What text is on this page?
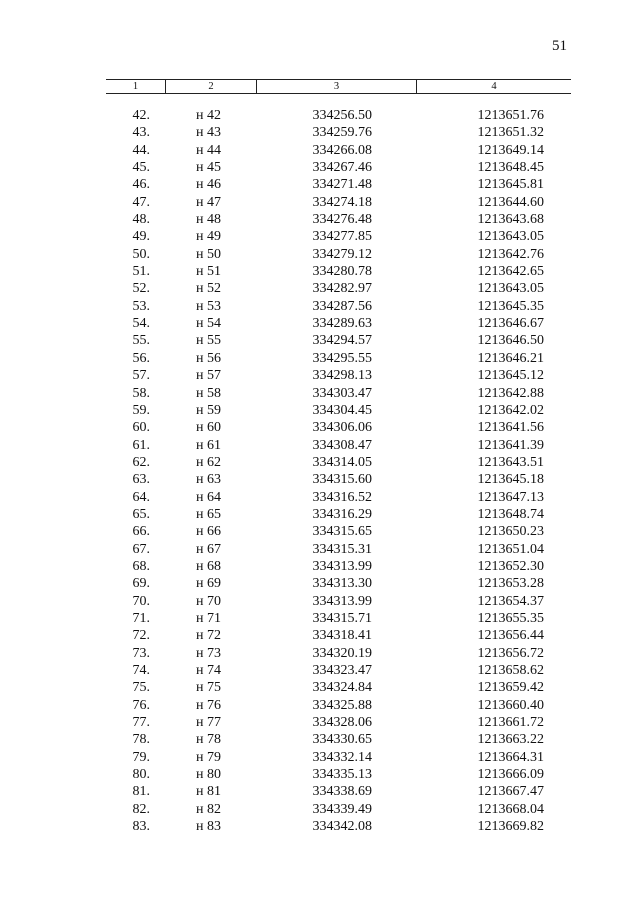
51
1	2	3	4
42.	н 42	334256.50	1213651.76
43.	н 43	334259.76	1213651.32
44.	н 44	334266.08	1213649.14
45.	н 45	334267.46	1213648.45
46.	н 46	334271.48	1213645.81
47.	н 47	334274.18	1213644.60
48.	н 48	334276.48	1213643.68
49.	н 49	334277.85	1213643.05
50.	н 50	334279.12	1213642.76
51.	н 51	334280.78	1213642.65
52.	н 52	334282.97	1213643.05
53.	н 53	334287.56	1213645.35
54.	н 54	334289.63	1213646.67
55.	н 55	334294.57	1213646.50
56.	н 56	334295.55	1213646.21
57.	н 57	334298.13	1213645.12
58.	н 58	334303.47	1213642.88
59.	н 59	334304.45	1213642.02
60.	н 60	334306.06	1213641.56
61.	н 61	334308.47	1213641.39
62.	н 62	334314.05	1213643.51
63.	н 63	334315.60	1213645.18
64.	н 64	334316.52	1213647.13
65.	н 65	334316.29	1213648.74
66.	н 66	334315.65	1213650.23
67.	н 67	334315.31	1213651.04
68.	н 68	334313.99	1213652.30
69.	н 69	334313.30	1213653.28
70.	н 70	334313.99	1213654.37
71.	н 71	334315.71	1213655.35
72.	н 72	334318.41	1213656.44
73.	н 73	334320.19	1213656.72
74.	н 74	334323.47	1213658.62
75.	н 75	334324.84	1213659.42
76.	н 76	334325.88	1213660.40
77.	н 77	334328.06	1213661.72
78.	н 78	334330.65	1213663.22
79.	н 79	334332.14	1213664.31
80.	н 80	334335.13	1213666.09
81.	н 81	334338.69	1213667.47
82.	н 82	334339.49	1213668.04
83.	н 83	334342.08	1213669.82
